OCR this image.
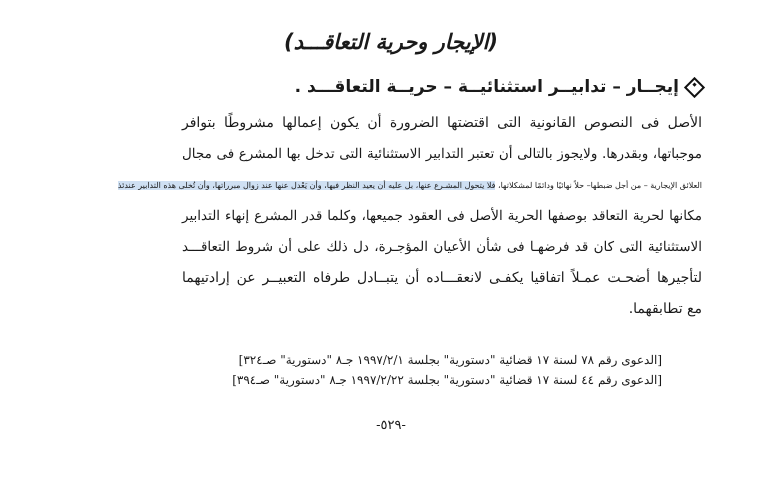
(الإيجار وحرية التعاقـــد)
إيجــار – تدابيــر استثنائيــة – حريــة التعاقـــد .
الأصل فى النصوص القانونية التى اقتضتها الضرورة أن يكون إعمالها مشروطًا بتوافر
موجباتها، وبقدرها. ولايجوز بالتالى أن تعتبر التدابير الاستثنائية التى تدخل بها المشرع فى مجال
العلائق الإيجارية – من أجل ضبطها– حلاً نهائيًا ودائمًا لمشكلاتها، فلا يتحول المشـرع عنها، بل عليه أن يعيد النظر فيها، وأن يَعْدل عنها عند زوال مبرراتها، وأن تُخلى هذه التدابير عندئذ
مكانها لحرية التعاقد بوصفها الحرية الأصل فى العقود جميعها، وكلما قدر المشرع إنهاء التدابير
الاستثنائية التى كان قد فرضهـا فى شأن الأعيان المؤجـرة، دل ذلك على أن شروط التعاقـــد
لتأجيرها أضحـت عمـلاً اتفاقيا يكفـى لانعقـــاده أن يتبــادل طرفاه التعبيــر عن إرادتيهما
مع تطابقهما.
[الدعوى رقم ٧٨ لسنة ١٧ قضائية "دستورية" بجلسة ١٩٩٧/٢/١ جـ٨ "دستورية" صـ٣٢٤]
[الدعوى رقم ٤٤ لسنة ١٧ قضائية "دستورية" بجلسة ١٩٩٧/٢/٢٢ جـ٨ "دستورية" صـ٣٩٤]
-٥٢٩-
